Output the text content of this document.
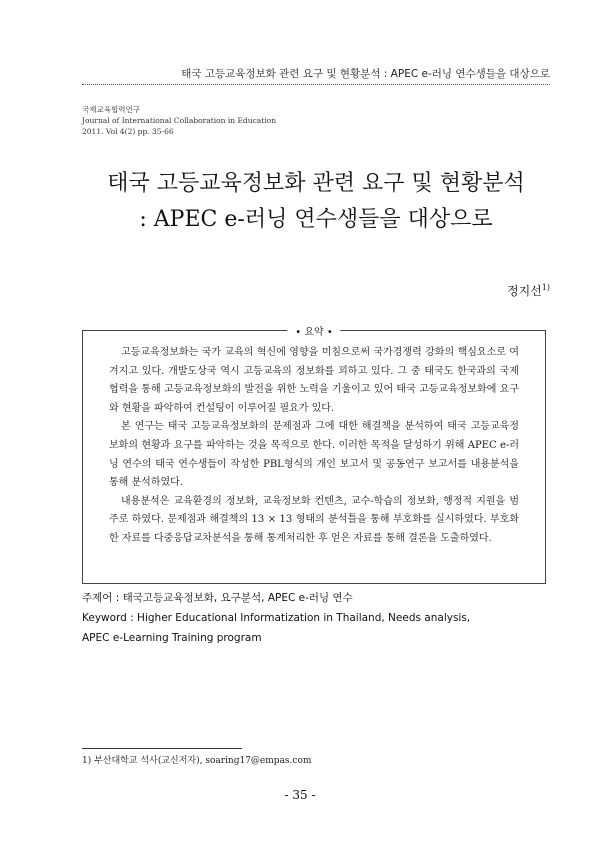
태국 고등교육정보화 관련 요구 및 현황분석 : APEC e-러닝 연수생들을 대상으로
국제교육협력연구
Journal of International Collaboration in Education
2011. Vol 4(2) pp. 35-66
태국 고등교육정보화 관련 요구 및 현황분석
: APEC e-러닝 연수생들을 대상으로
정지선$^{1)}$
• 요약 •

고등교육정보화는 국가 교육의 혁신에 영향을 미침으로써 국가경쟁력 강화의 핵심요소로 여겨지고 있다. 개발도상국 역시 고등교육의 정보화를 꾀하고 있다. 그 중 태국도 한국과의 국제협력을 통해 고등교육정보화의 발전을 위한 노력을 기울이고 있어 태국 고등교육정보화에 요구와 현황을 파악하여 컨설팅이 이루어질 필요가 있다.

본 연구는 태국 고등교육정보화의 문제점과 그에 대한 해결책을 분석하여 태국 고등교육정보화의 현황과 요구를 파악하는 것을 목적으로 한다. 이러한 목적을 달성하기 위해 APEC e-러닝 연수의 태국 연수생들이 작성한 PBL형식의 개인 보고서 및 공동연구 보고서를 내용분석을 통해 분석하였다.

내용분석은 교육환경의 정보화, 교육정보화 컨텐츠, 교수-학습의 정보화, 행정적 지원을 범주로 하였다. 문제점과 해결책의 13 × 13 형태의 분석틀을 통해 부호화를 실시하였다. 부호화한 자료를 다중응답교차분석을 통해 통계처리한 후 얻은 자료를 통해 결론을 도출하였다.

주제어 : 태국고등교육정보화, 요구분석, APEC e-러닝 연수
Keyword : Higher Educational Informatization in Thailand, Needs analysis,
APEC e-Learning Training program
1) 부산대학교 석사(교신저자), soaring17@empas.com
- 35 -
